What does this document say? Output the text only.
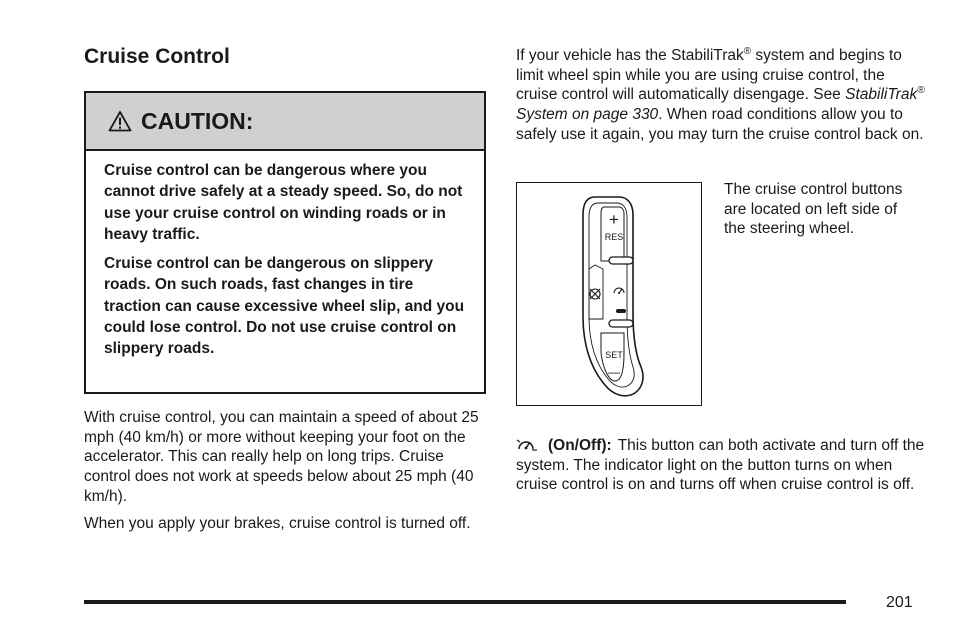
Cruise Control
CAUTION:

Cruise control can be dangerous where you cannot drive safely at a steady speed. So, do not use your cruise control on winding roads or in heavy traffic.

Cruise control can be dangerous on slippery roads. On such roads, fast changes in tire traction can cause excessive wheel slip, and you could lose control. Do not use cruise control on slippery roads.

With cruise control, you can maintain a speed of about 25 mph (40 km/h) or more without keeping your foot on the accelerator. This can really help on long trips. Cruise control does not work at speeds below about 25 mph (40 km/h).

When you apply your brakes, cruise control is turned off.

If your vehicle has the StabiliTrak® system and begins to limit wheel spin while you are using cruise control, the cruise control will automatically disengage. See StabiliTrak® System on page 330. When road conditions allow you to safely use it again, you may turn the cruise control back on.

+
RES
SET
—

The cruise control buttons are located on left side of the steering wheel.

(On/Off): This button can both activate and turn off the system. The indicator light on the button turns on when cruise control is on and turns off when cruise control is off.

201
